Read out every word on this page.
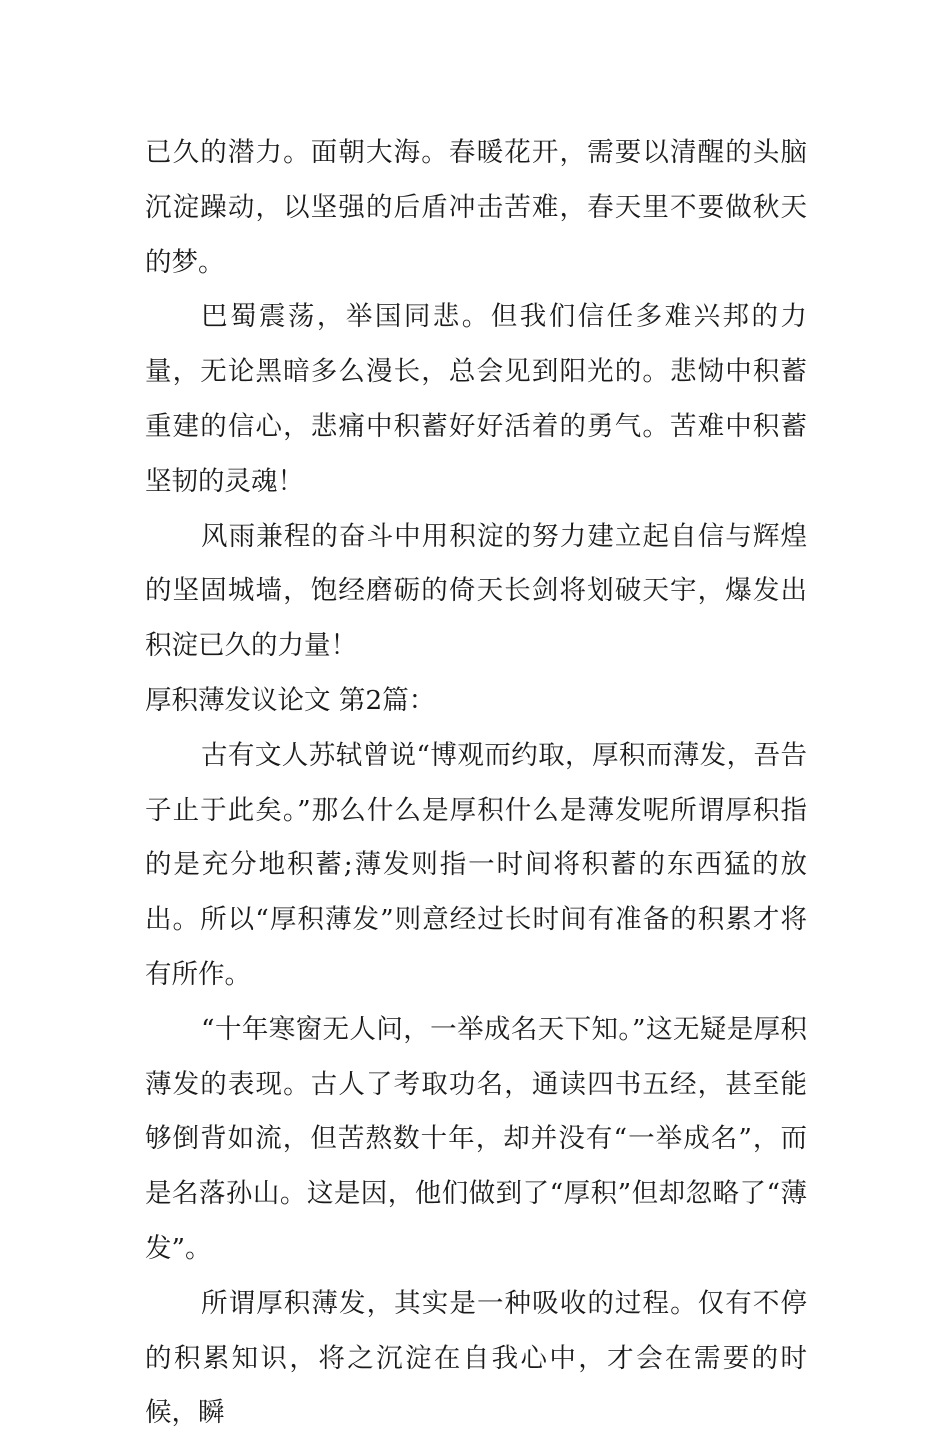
已久的潜力。面朝大海。春暖花开，需要以清醒的头脑沉淀躁动，以坚强的后盾冲击苦难，春天里不要做秋天的梦。

巴蜀震荡，举国同悲。但我们信任多难兴邦的力量，无论黑暗多么漫长，总会见到阳光的。悲恸中积蓄重建的信心，悲痛中积蓄好好活着的勇气。苦难中积蓄坚韧的灵魂！

风雨兼程的奋斗中用积淀的努力建立起自信与辉煌的坚固城墙，饱经磨砺的倚天长剑将划破天宇，爆发出积淀已久的力量！

厚积薄发议论文 第2篇：

古有文人苏轼曾说“博观而约取，厚积而薄发，吾告子止于此矣。”那么什么是厚积什么是薄发呢所谓厚积指的是充分地积蓄;薄发则指一时间将积蓄的东西猛的放出。所以“厚积薄发”则意经过长时间有准备的积累才将有所作。

“十年寒窗无人问，一举成名天下知。”这无疑是厚积薄发的表现。古人了考取功名，通读四书五经，甚至能够倒背如流，但苦熬数十年，却并没有“一举成名”，而是名落孙山。这是因，他们做到了“厚积”但却忽略了“薄发”。

所谓厚积薄发，其实是一种吸收的过程。仅有不停的积累知识，将之沉淀在自我心中，才会在需要的时候，瞬
